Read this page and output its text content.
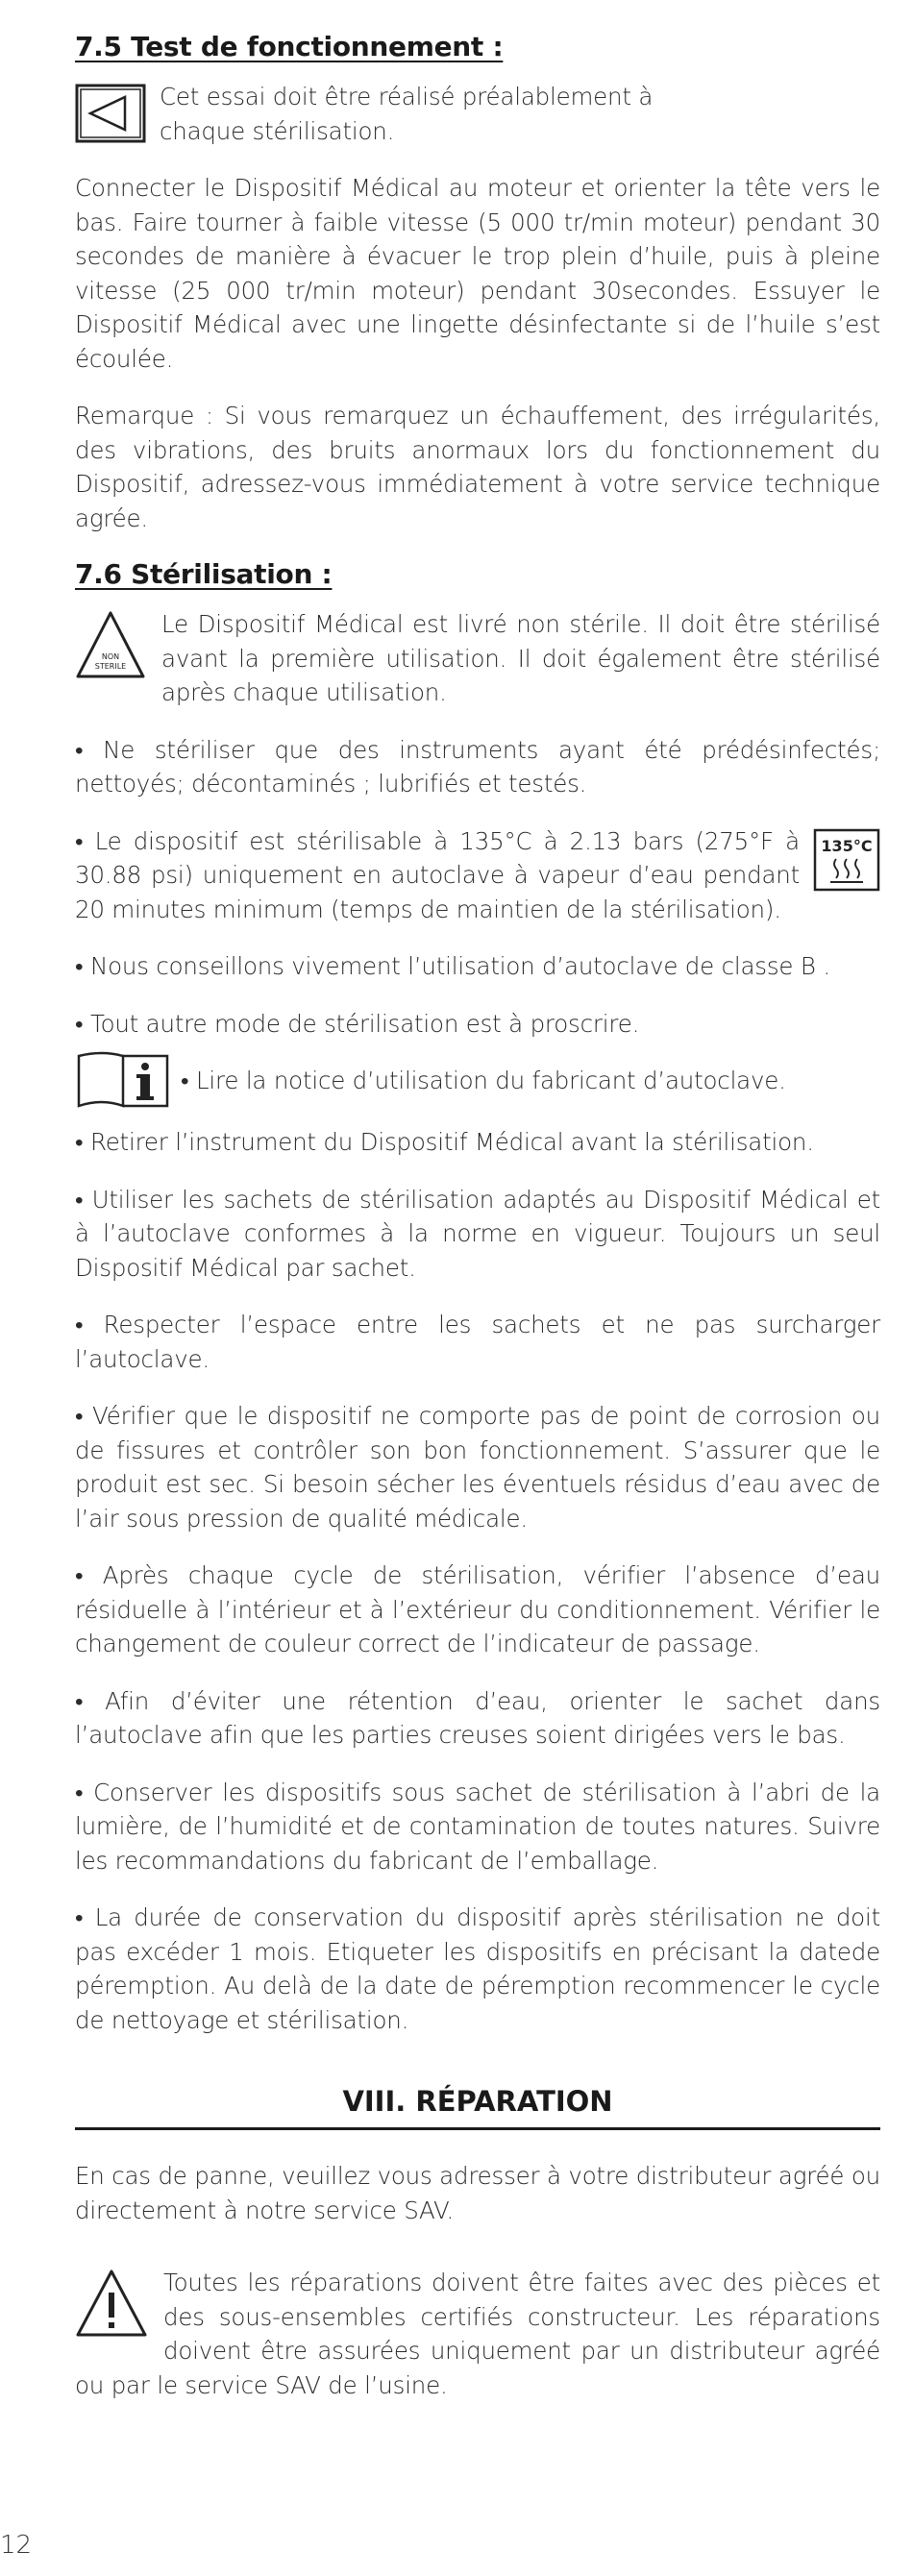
7.5 Test de fonctionnement :

Cet essai doit être réalisé préalablement à chaque stérilisation.

Connecter le Dispositif Médical au moteur et orienter la tête vers le bas. Faire tourner à faible vitesse (5 000 tr/min moteur) pendant 30 secondes de manière à évacuer le trop plein d’huile, puis à pleine vitesse (25 000 tr/min moteur) pendant 30secondes. Essuyer le Dispositif Médical avec une lingette désinfectante si de l’huile s’est écoulée.

Remarque : Si vous remarquez un échauffement, des irrégularités, des vibrations, des bruits anormaux lors du fonctionnement du Dispositif, adressez-vous immédiatement à votre service technique agrée.

7.6 Stérilisation :
NON
STERILE

Le Dispositif Médical est livré non stérile. Il doit être stérilisé avant la première utilisation. Il doit également être stérilisé après chaque utilisation.

• Ne stériliser que des instruments ayant été prédésinfectés; nettoyés; décontaminés ; lubrifiés et testés.

135°C

• Le dispositif est stérilisable à 135°C à 2.13 bars (275°F à 30.88 psi) uniquement en autoclave à vapeur d’eau pendant 20 minutes minimum (temps de maintien de la stérilisation).

• Nous conseillons vivement l’utilisation d’autoclave de classe B .

• Tout autre mode de stérilisation est à proscrire.

• Lire la notice d’utilisation du fabricant d’autoclave.

• Retirer l’instrument du Dispositif Médical avant la stérilisation.

• Utiliser les sachets de stérilisation adaptés au Dispositif Médical et à l’autoclave conformes à la norme en vigueur. Toujours un seul Dispositif Médical par sachet.

• Respecter l’espace entre les sachets et ne pas surcharger l’autoclave.

• Vérifier que le dispositif ne comporte pas de point de corrosion ou de fissures et contrôler son bon fonctionnement. S’assurer que le produit est sec. Si besoin sécher les éventuels résidus d’eau avec de l’air sous pression de qualité médicale.

• Après chaque cycle de stérilisation, vérifier l’absence d’eau résiduelle à l’intérieur et à l’extérieur du conditionnement. Vérifier le changement de couleur correct de l’indicateur de passage.

• Afin d’éviter une rétention d’eau, orienter le sachet dans l’autoclave afin que les parties creuses soient dirigées vers le bas.

• Conserver les dispositifs sous sachet de stérilisation à l’abri de la lumière, de l’humidité et de contamination de toutes natures. Suivre les recommandations du fabricant de l’emballage.

• La durée de conservation du dispositif après stérilisation ne doit pas excéder 1 mois. Etiqueter les dispositifs en précisant la datede péremption. Au delà de la date de péremption recommencer le cycle de nettoyage et stérilisation.

VIII. RÉPARATION

En cas de panne, veuillez vous adresser à votre distributeur agréé ou directement à notre service SAV.

Toutes les réparations doivent être faites avec des pièces et des sous-ensembles certifiés constructeur. Les réparations doivent être assurées uniquement par un distributeur agréé ou par le service SAV de l’usine.

12
